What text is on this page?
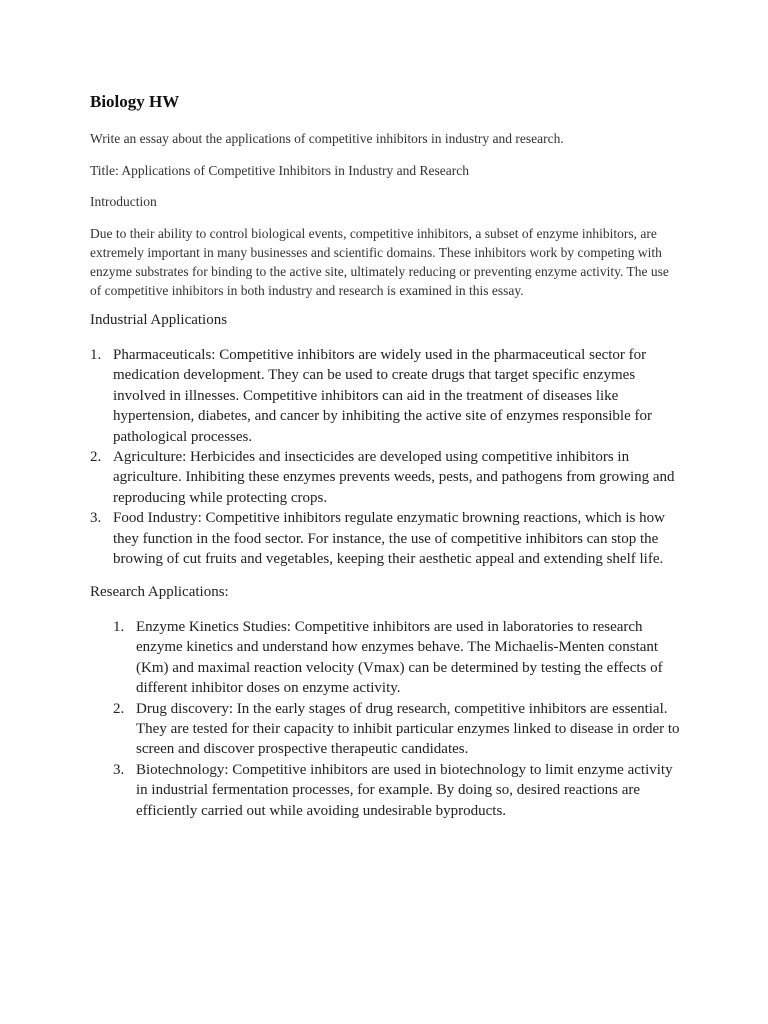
Biology HW

Write an essay about the applications of competitive inhibitors in industry and research.

Title: Applications of Competitive Inhibitors in Industry and Research

Introduction

Due to their ability to control biological events, competitive inhibitors, a subset of enzyme inhibitors, are extremely important in many businesses and scientific domains. These inhibitors work by competing with enzyme substrates for binding to the active site, ultimately reducing or preventing enzyme activity. The use of competitive inhibitors in both industry and research is examined in this essay.

Industrial Applications

1. Pharmaceuticals: Competitive inhibitors are widely used in the pharmaceutical sector for medication development. They can be used to create drugs that target specific enzymes involved in illnesses. Competitive inhibitors can aid in the treatment of diseases like hypertension, diabetes, and cancer by inhibiting the active site of enzymes responsible for pathological processes.
2. Agriculture: Herbicides and insecticides are developed using competitive inhibitors in agriculture. Inhibiting these enzymes prevents weeds, pests, and pathogens from growing and reproducing while protecting crops.
3. Food Industry: Competitive inhibitors regulate enzymatic browning reactions, which is how they function in the food sector. For instance, the use of competitive inhibitors can stop the browing of cut fruits and vegetables, keeping their aesthetic appeal and extending shelf life.

Research Applications:

1. Enzyme Kinetics Studies: Competitive inhibitors are used in laboratories to research enzyme kinetics and understand how enzymes behave. The Michaelis-Menten constant (Km) and maximal reaction velocity (Vmax) can be determined by testing the effects of different inhibitor doses on enzyme activity.
2. Drug discovery: In the early stages of drug research, competitive inhibitors are essential. They are tested for their capacity to inhibit particular enzymes linked to disease in order to screen and discover prospective therapeutic candidates.
3. Biotechnology: Competitive inhibitors are used in biotechnology to limit enzyme activity in industrial fermentation processes, for example. By doing so, desired reactions are efficiently carried out while avoiding undesirable byproducts.
